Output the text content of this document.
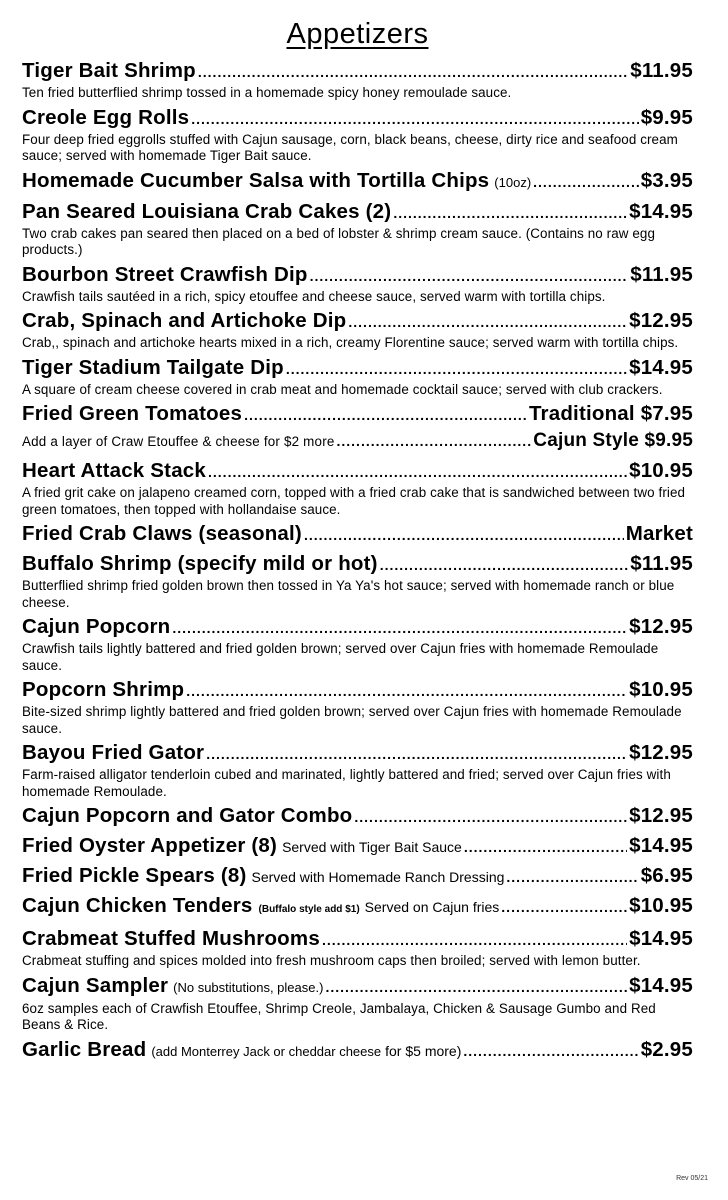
Appetizers
Tiger Bait Shrimp .....	$11.95
Ten fried butterflied shrimp tossed in a homemade spicy honey remoulade sauce.
Creole Egg Rolls .....	$9.95
Four deep fried eggrolls stuffed with Cajun sausage, corn, black beans, cheese, dirty rice and seafood cream sauce; served with homemade Tiger Bait sauce.
Homemade Cucumber Salsa with Tortilla Chips (10oz) .....	$3.95
Pan Seared Louisiana Crab Cakes (2) .....	$14.95
Two crab cakes pan seared then placed on a bed of lobster & shrimp cream sauce. (Contains no raw egg products.)
Bourbon Street Crawfish Dip .....	$11.95
Crawfish tails sautéed in a rich, spicy etouffee and cheese sauce, served warm with tortilla chips.
Crab, Spinach and Artichoke Dip .....	$12.95
Crab,, spinach and artichoke hearts mixed in a rich, creamy Florentine sauce; served warm with tortilla chips.
Tiger Stadium Tailgate Dip .....	$14.95
A square of cream cheese covered in crab meat and homemade cocktail sauce; served with club crackers.
Fried Green Tomatoes .....	Traditional $7.95
Add a layer of Craw Etouffee & cheese for $2 more .....	Cajun Style $9.95
Heart Attack Stack .....	$10.95
A fried grit cake on jalapeno creamed corn, topped with a fried crab cake that is sandwiched between two fried green tomatoes, then topped with hollandaise sauce.
Fried Crab Claws (seasonal) .....	Market
Buffalo Shrimp (specify mild or hot) .....	$11.95
Butterflied shrimp fried golden brown then tossed in Ya Ya's hot sauce; served with homemade ranch or blue cheese.
Cajun Popcorn .....	$12.95
Crawfish tails lightly battered and fried golden brown; served over Cajun fries with homemade Remoulade sauce.
Popcorn Shrimp .....	$10.95
Bite-sized shrimp lightly battered and fried golden brown; served over Cajun fries with homemade Remoulade sauce.
Bayou Fried Gator .....	$12.95
Farm-raised alligator tenderloin cubed and marinated, lightly battered and fried; served over Cajun fries with homemade Remoulade.
Cajun Popcorn and Gator Combo .....	$12.95
Fried Oyster Appetizer (8) Served with Tiger Bait Sauce .....	$14.95
Fried Pickle Spears (8) Served with Homemade Ranch Dressing .....	$6.95
Cajun Chicken Tenders (Buffalo style add $1) Served on Cajun fries .....	$10.95
Crabmeat Stuffed Mushrooms .....	$14.95
Crabmeat stuffing and spices molded into fresh mushroom caps then broiled; served with lemon butter.
Cajun Sampler (No substitutions, please.) .....	$14.95
6oz samples each of Crawfish Etouffee, Shrimp Creole, Jambalaya, Chicken & Sausage Gumbo and Red Beans & Rice.
Garlic Bread (add Monterrey Jack or cheddar cheese for $5 more) .....	$2.95
Rev 05/21
